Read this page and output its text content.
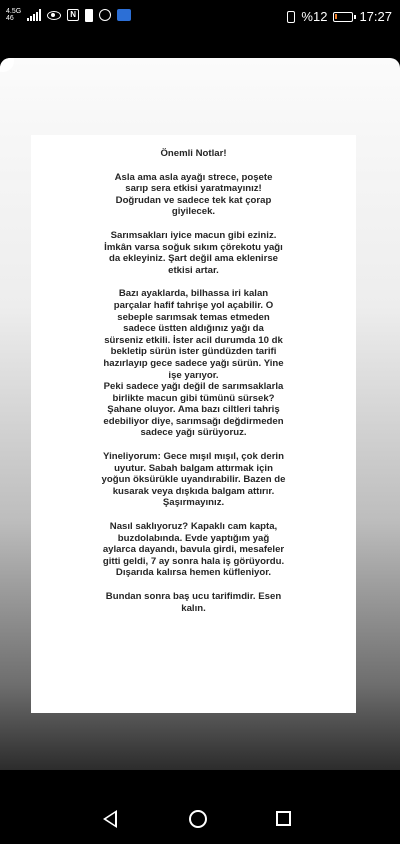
4.5G
46	N	%12 17:27

Önemli Notlar!

Asla ama asla ayağı strece, poşete
sarıp sera etkisi yaratmayınız!
Doğrudan ve sadece tek kat çorap
giyilecek.

Sarımsakları iyice macun gibi eziniz.
İmkân varsa soğuk sıkım çörekotu yağı
da ekleyiniz. Şart değil ama eklenirse
etkisi artar.

Bazı ayaklarda, bilhassa iri kalan
parçalar hafif tahrişe yol açabilir. O
sebeple sarımsak temas etmeden
sadece üstten aldığınız yağı da
sürseniz etkili. İster acil durumda 10 dk
bekletip sürün ister gündüzden tarifi
hazırlayıp gece sadece yağı sürün. Yine
işe yarıyor.
Peki sadece yağı değil de sarımsaklarla
birlikte macun gibi tümünü sürsek?
Şahane oluyor. Ama bazı ciltleri tahriş
edebiliyor diye, sarımsağı değdirmeden
sadece yağı sürüyoruz.

Yineliyorum: Gece mışıl mışıl, çok derin
uyutur. Sabah balgam attırmak için
yoğun öksürükle uyandırabilir. Bazen de
kusarak veya dışkıda balgam attırır.
Şaşırmayınız.

Nasıl saklıyoruz? Kapaklı cam kapta,
buzdolabında. Evde yaptığım yağ
aylarca dayandı, bavula girdi, mesafeler
gitti geldi, 7 ay sonra hala iş görüyordu.
Dışarıda kalırsa hemen küfleniyor.

Bundan sonra baş ucu tarifimdir. Esen
kalın.
